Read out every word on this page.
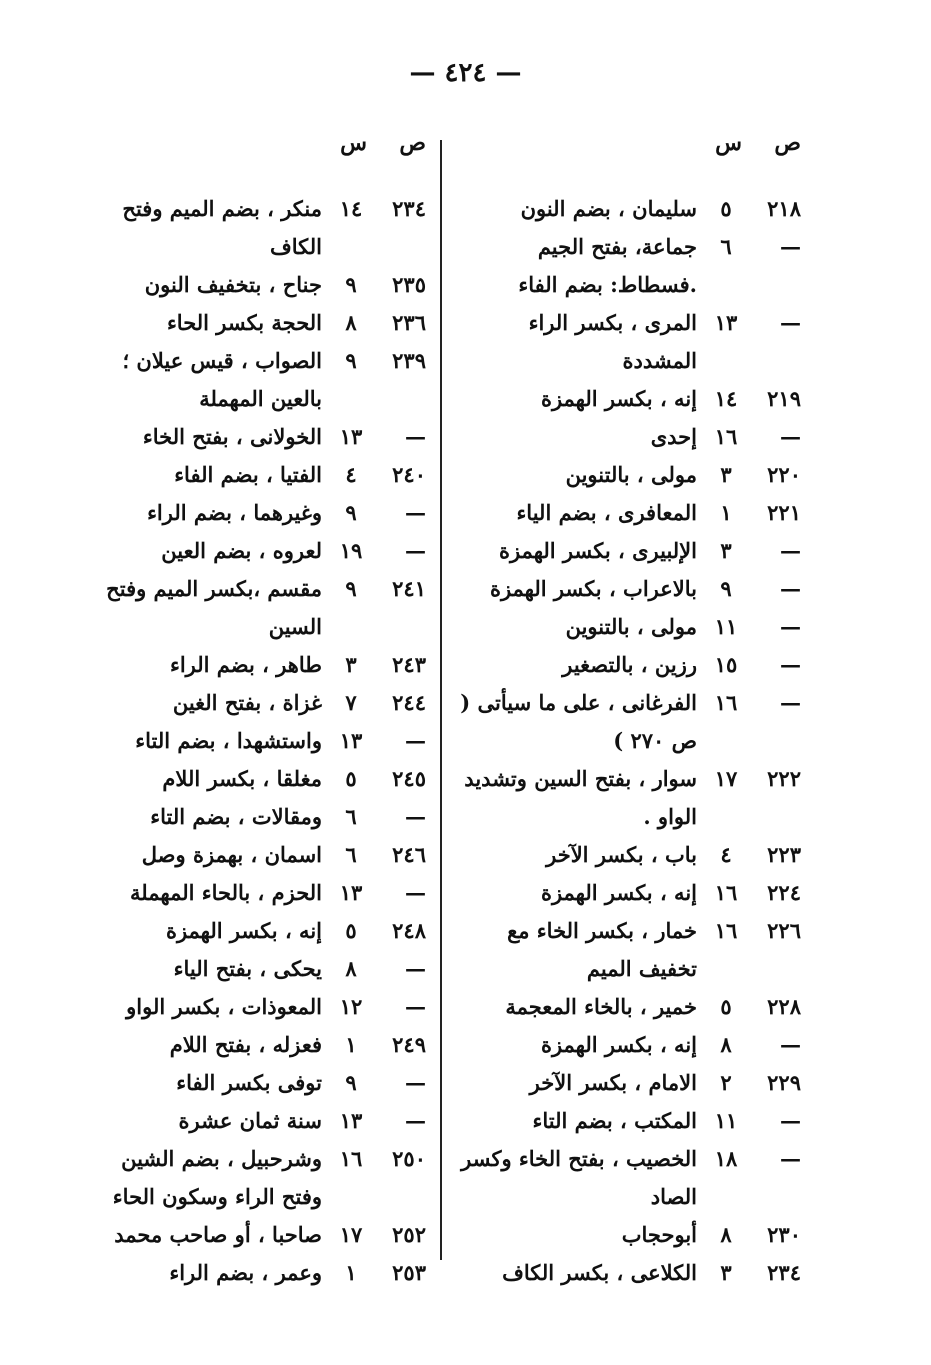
— ٤٢٤ —
ص
س
٢١٨
٥
سليمان ، بضم النون
—
٦
جماعة، بفتح الجيم .فسطاط: بضم الفاء
—
١٣
المرى ، بكسر الراء المشددة
٢١٩
١٤
إنه ، بكسر الهمزة
—
١٦
إحدى
٢٢٠
٣
مولى ، بالتنوين
٢٢١
١
المعافرى ، بضم الياء
—
٣
الإلبيرى ، بكسر الهمزة
—
٩
بالاعراب ، بكسر الهمزة
—
١١
مولى ، بالتنوين
—
١٥
رزين ، بالتصغير
—
١٦
الفرغانى ، على ما سيأتى ( ص ٢٧٠ )
٢٢٢
١٧
سوار ، بفتح السين وتشديد الواو .
٢٢٣
٤
باب ، بكسر الآخر
٢٢٤
١٦
إنه ، بكسر الهمزة
٢٢٦
١٦
خمار ، بكسر الخاء مع تخفيف الميم
٢٢٨
٥
خمير ، بالخاء المعجمة
—
٨
إنه ، بكسر الهمزة
٢٢٩
٢
الامام ، بكسر الآخر
—
١١
المكتب ، بضم التاء
—
١٨
الخصيب ، بفتح الخاء وكسر الصاد
٢٣٠
٨
أبوحجاب
٢٣٤
٣
الكلاعى ، بكسر الكاف
ص
س
٢٣٤
١٤
منكر ، بضم الميم وفتح الكاف
٢٣٥
٩
جناح ، بتخفيف النون
٢٣٦
٨
الحجة بكسر الحاء
٢٣٩
٩
الصواب ، قيس عيلان ؛ بالعين المهملة
—
١٣
الخولانى ، بفتح الخاء
٢٤٠
٤
الفتيا ، بضم الفاء
—
٩
وغيرهما ، بضم الراء
—
١٩
لعروه ، بضم العين
٢٤١
٩
مقسم ،بكسر الميم وفتح السين
٢٤٣
٣
طاهر ، بضم الراء
٢٤٤
٧
غزاة ، بفتح الغين
—
١٣
واستشهدا ، بضم التاء
٢٤٥
٥
مغلقا ، بكسر اللام
—
٦
ومقالات ، بضم التاء
٢٤٦
٦
اسمان ، بهمزة وصل
—
١٣
الحزم ، بالحاء المهملة
٢٤٨
٥
إنه ، بكسر الهمزة
—
٨
يحكى ، بفتح الياء
—
١٢
المعوذات ، بكسر الواو
٢٤٩
١
فعزله ، بفتح اللام
—
٩
توفى بكسر الفاء
—
١٣
سنة ثمان عشرة
٢٥٠
١٦
وشرحبيل ، بضم الشين وفتح الراء وسكون الحاء
٢٥٢
١٧
صاحبا ، أو صاحب محمد
٢٥٣
١
وعمر ، بضم الراء
